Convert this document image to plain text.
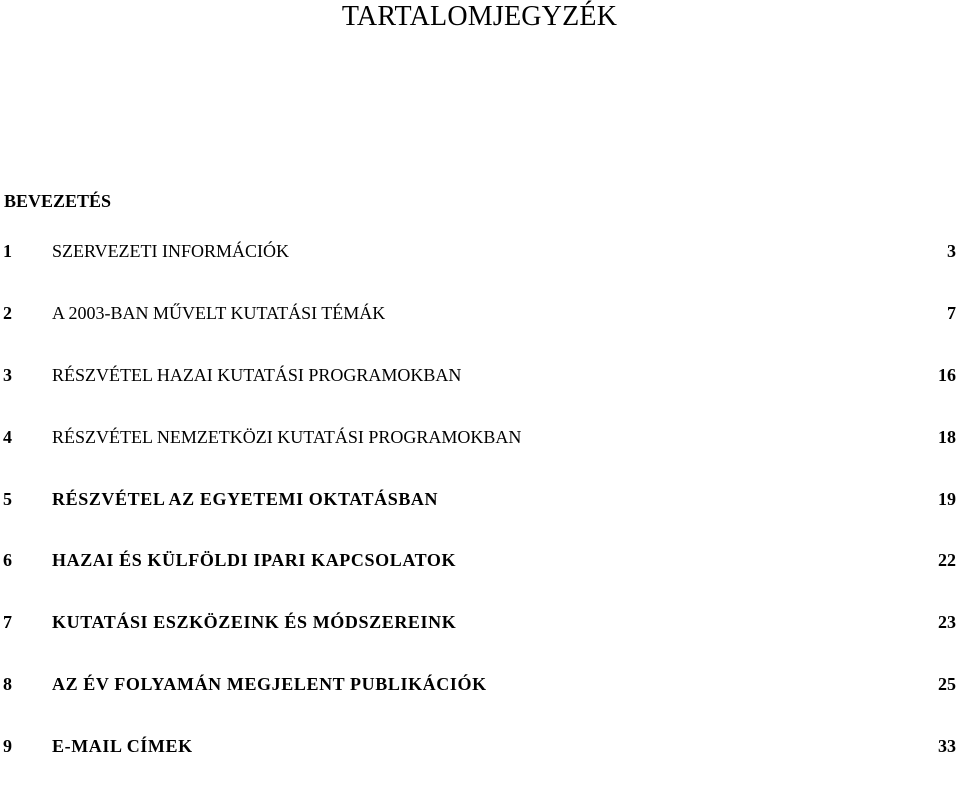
TARTALOMJEGYZÉK
BEVEZETÉS
1 SZERVEZETI INFORMÁCIÓK	3
2 A 2003-BAN MŰVELT KUTATÁSI TÉMÁK	7
3 RÉSZVÉTEL HAZAI KUTATÁSI PROGRAMOKBAN	16
4 RÉSZVÉTEL NEMZETKÖZI KUTATÁSI PROGRAMOKBAN	18
5 RÉSZVÉTEL AZ EGYETEMI OKTATÁSBAN	19
6 HAZAI ÉS KÜLFÖLDI IPARI KAPCSOLATOK	22
7 KUTATÁSI ESZKÖZEINK ÉS MÓDSZEREINK	23
8 AZ ÉV FOLYAMÁN MEGJELENT PUBLIKÁCIÓK	25
9 E-MAIL CÍMEK	33
